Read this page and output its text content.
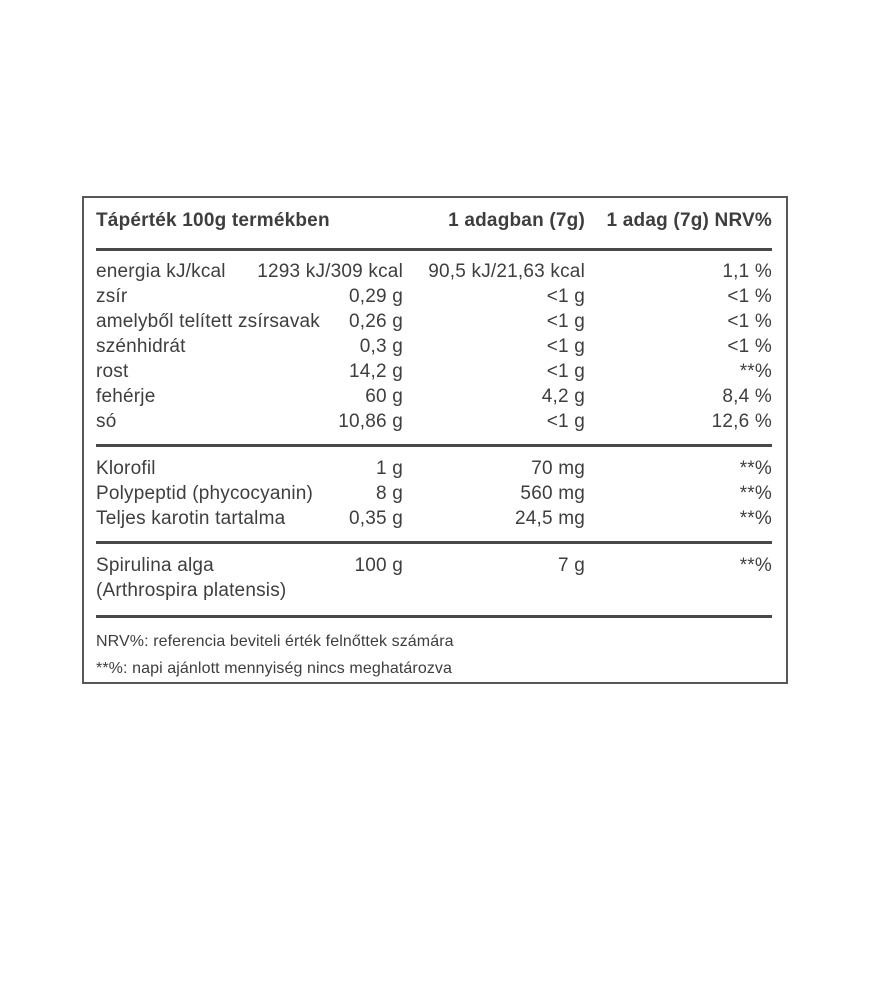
Tápérték 100g termékben	1 adagban (7g)	1 adag (7g) NRV%
energia kJ/kcal	1293 kJ/309 kcal	90,5 kJ/21,63 kcal	1,1 %
zsír	0,29 g	<1 g	<1 %
amelyből telített zsírsavak	0,26 g	<1 g	<1 %
szénhidrát	0,3 g	<1 g	<1 %
rost	14,2 g	<1 g	**%
fehérje	60 g	4,2 g	8,4 %
só	10,86 g	<1 g	12,6 %
Klorofil	1 g	70 mg	**%
Polypeptid (phycocyanin)	8 g	560 mg	**%
Teljes karotin tartalma	0,35 g	24,5 mg	**%
Spirulina alga
(Arthrospira platensis)
100 g	7 g	**%
NRV%: referencia beviteli érték felnőttek számára
**%: napi ajánlott mennyiség nincs meghatározva
